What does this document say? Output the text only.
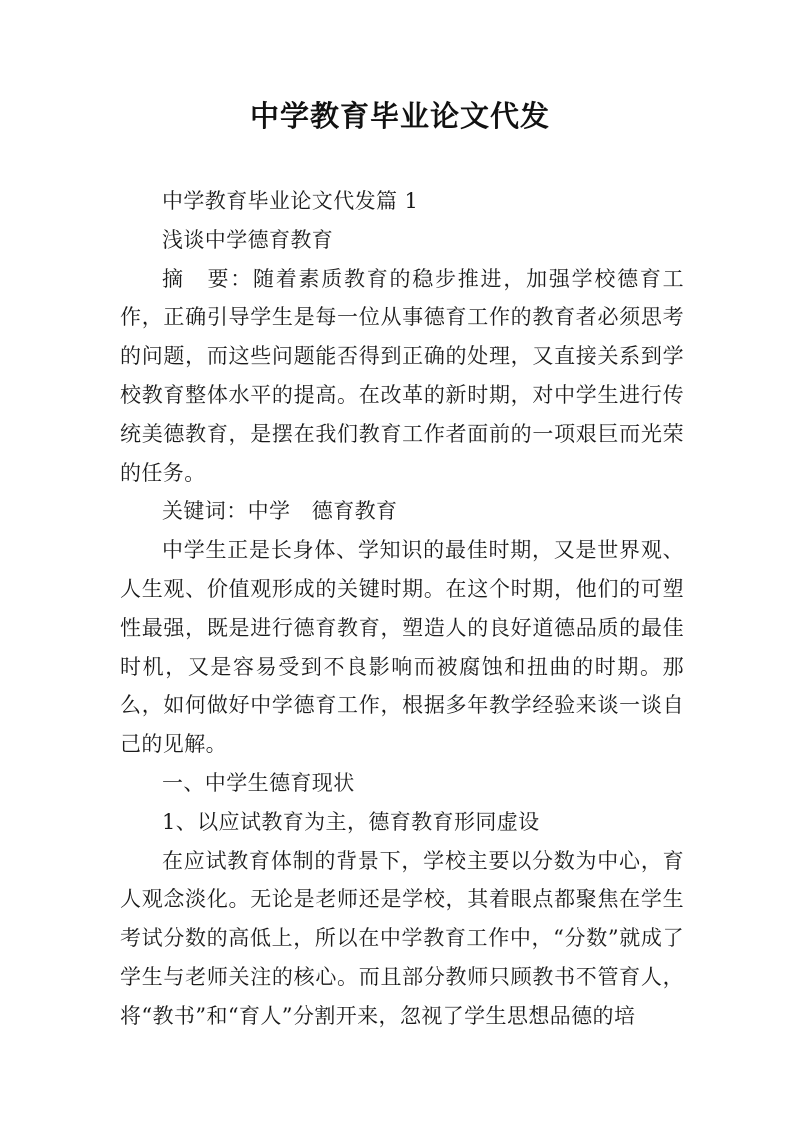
中学教育毕业论文代发

中学教育毕业论文代发篇 1

浅谈中学德育教育

摘　要：随着素质教育的稳步推进，加强学校德育工作，正确引导学生是每一位从事德育工作的教育者必须思考的问题，而这些问题能否得到正确的处理，又直接关系到学校教育整体水平的提高。在改革的新时期，对中学生进行传统美德教育，是摆在我们教育工作者面前的一项艰巨而光荣的任务。

关键词：中学　德育教育

中学生正是长身体、学知识的最佳时期，又是世界观、人生观、价值观形成的关键时期。在这个时期，他们的可塑性最强，既是进行德育教育，塑造人的良好道德品质的最佳时机，又是容易受到不良影响而被腐蚀和扭曲的时期。那么，如何做好中学德育工作，根据多年教学经验来谈一谈自己的见解。

一、中学生德育现状

1、以应试教育为主，德育教育形同虚设

在应试教育体制的背景下，学校主要以分数为中心，育人观念淡化。无论是老师还是学校，其着眼点都聚焦在学生考试分数的高低上，所以在中学教育工作中，“分数”就成了学生与老师关注的核心。而且部分教师只顾教书不管育人，将“教书”和“育人”分割开来，忽视了学生思想品德的培
